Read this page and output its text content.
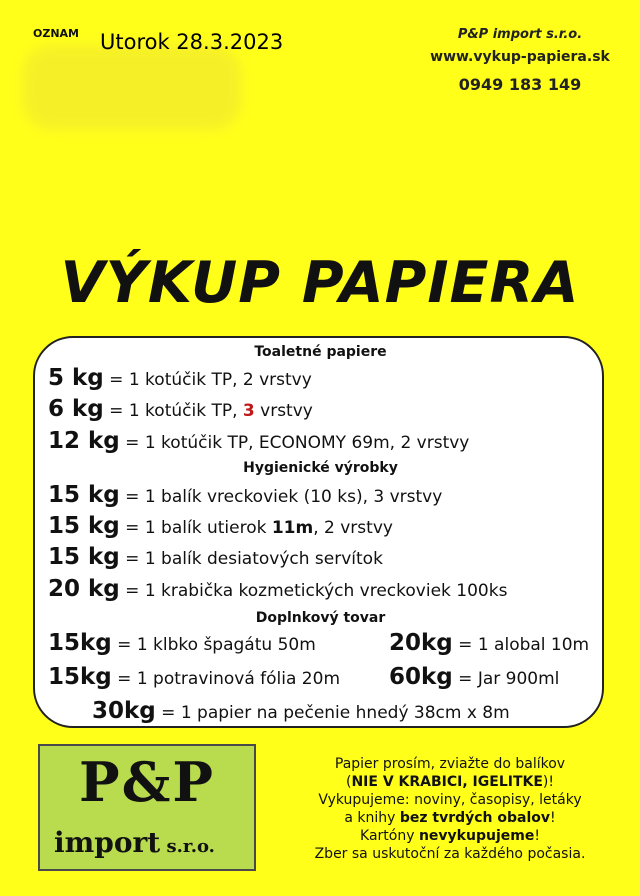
OZNAM Utorok 28.3.2023	P&P import s.r.o.
www.vykup-papiera.sk
0949 183 149
VÝKUP PAPIERA
Toaletné papiere
5 kg = 1 kotúčik TP, 2 vrstvy
6 kg = 1 kotúčik TP, 3 vrstvy
12 kg = 1 kotúčik TP, ECONOMY 69m, 2 vrstvy
Hygienické výrobky
15 kg = 1 balík vreckoviek (10 ks), 3 vrstvy
15 kg = 1 balík utierok 11m, 2 vrstvy
15 kg = 1 balík desiatových servítok
20 kg = 1 krabička kozmetických vreckoviek 100ks
Doplnkový tovar
15kg = 1 klbko špagátu 50m	20kg = 1 alobal 10m
15kg = 1 potravinová fólia 20m 60kg = Jar 900ml
30kg = 1 papier na pečenie hnedý 38cm x 8m
P&P
import s.r.o.
Papier prosím, zviažte do balíkov
(NIE V KRABICI, IGELITKE)!
Vykupujeme: noviny, časopisy, letáky
a knihy bez tvrdých obalov!
Kartóny nevykupujeme!
Zber sa uskutoční za každého počasia.
